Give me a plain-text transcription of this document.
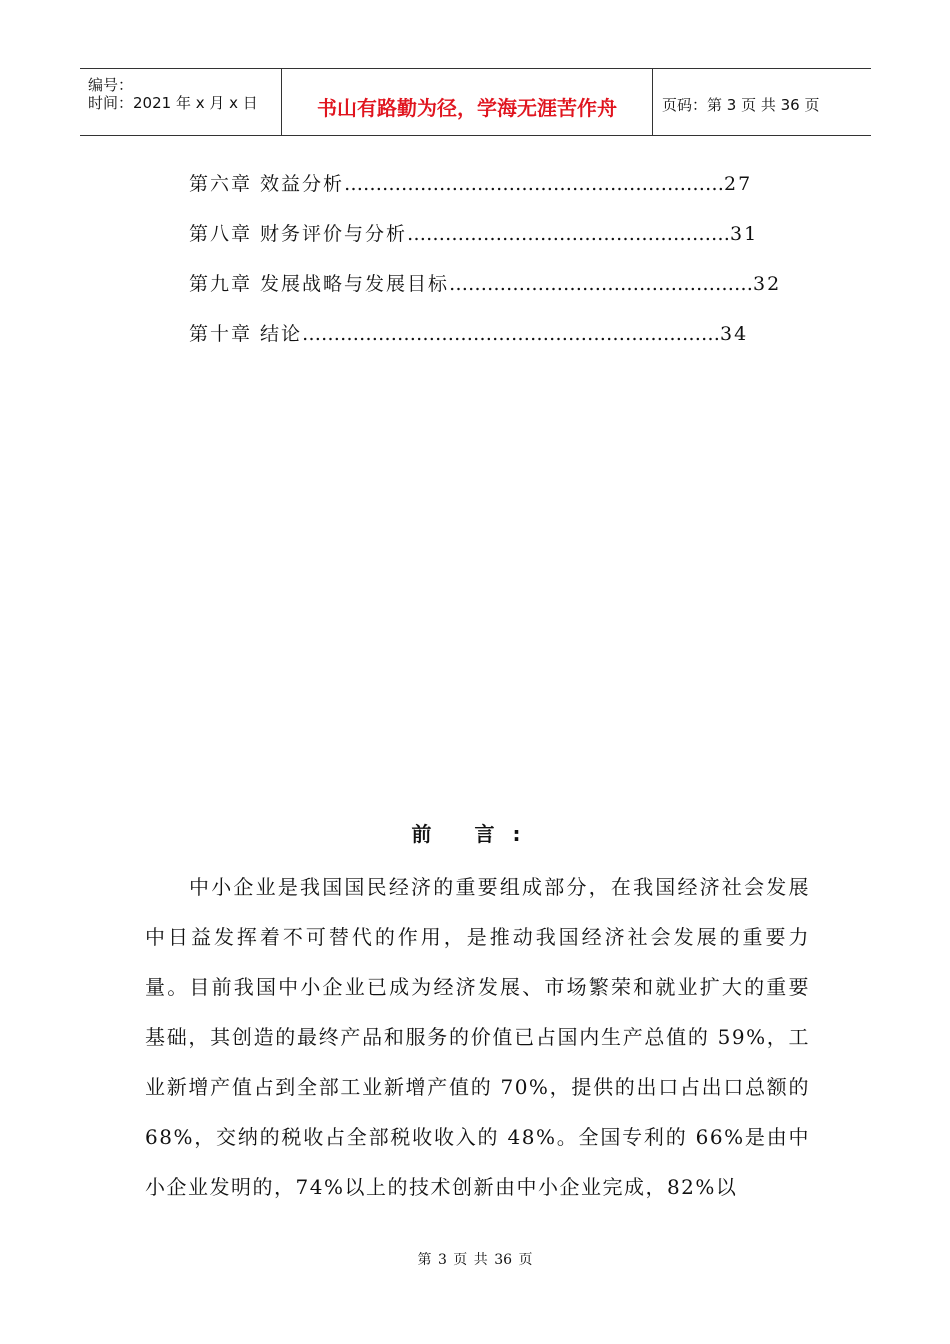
编号：
时间：2021 年 x 月 x 日	书山有路勤为径，学海无涯苦作舟	页码：第 3 页 共 36 页
第六章 效益分析……………………………………………………27
第八章 财务评价与分析……………………………………………31
第九章 发展战略与发展目标…………………………………………32
第十章 结论…………………………………………………………34
前 言:

中小企业是我国国民经济的重要组成部分，在我国经济社会发展中日益发挥着不可替代的作用，是推动我国经济社会发展的重要力量。目前我国中小企业已成为经济发展、市场繁荣和就业扩大的重要基础，其创造的最终产品和服务的价值已占国内生产总值的 59%，工业新增产值占到全部工业新增产值的 70%，提供的出口占出口总额的 68%，交纳的税收占全部税收收入的 48%。全国专利的 66%是由中小企业发明的，74%以上的技术创新由中小企业完成，82%以

第 3 页 共 36 页
